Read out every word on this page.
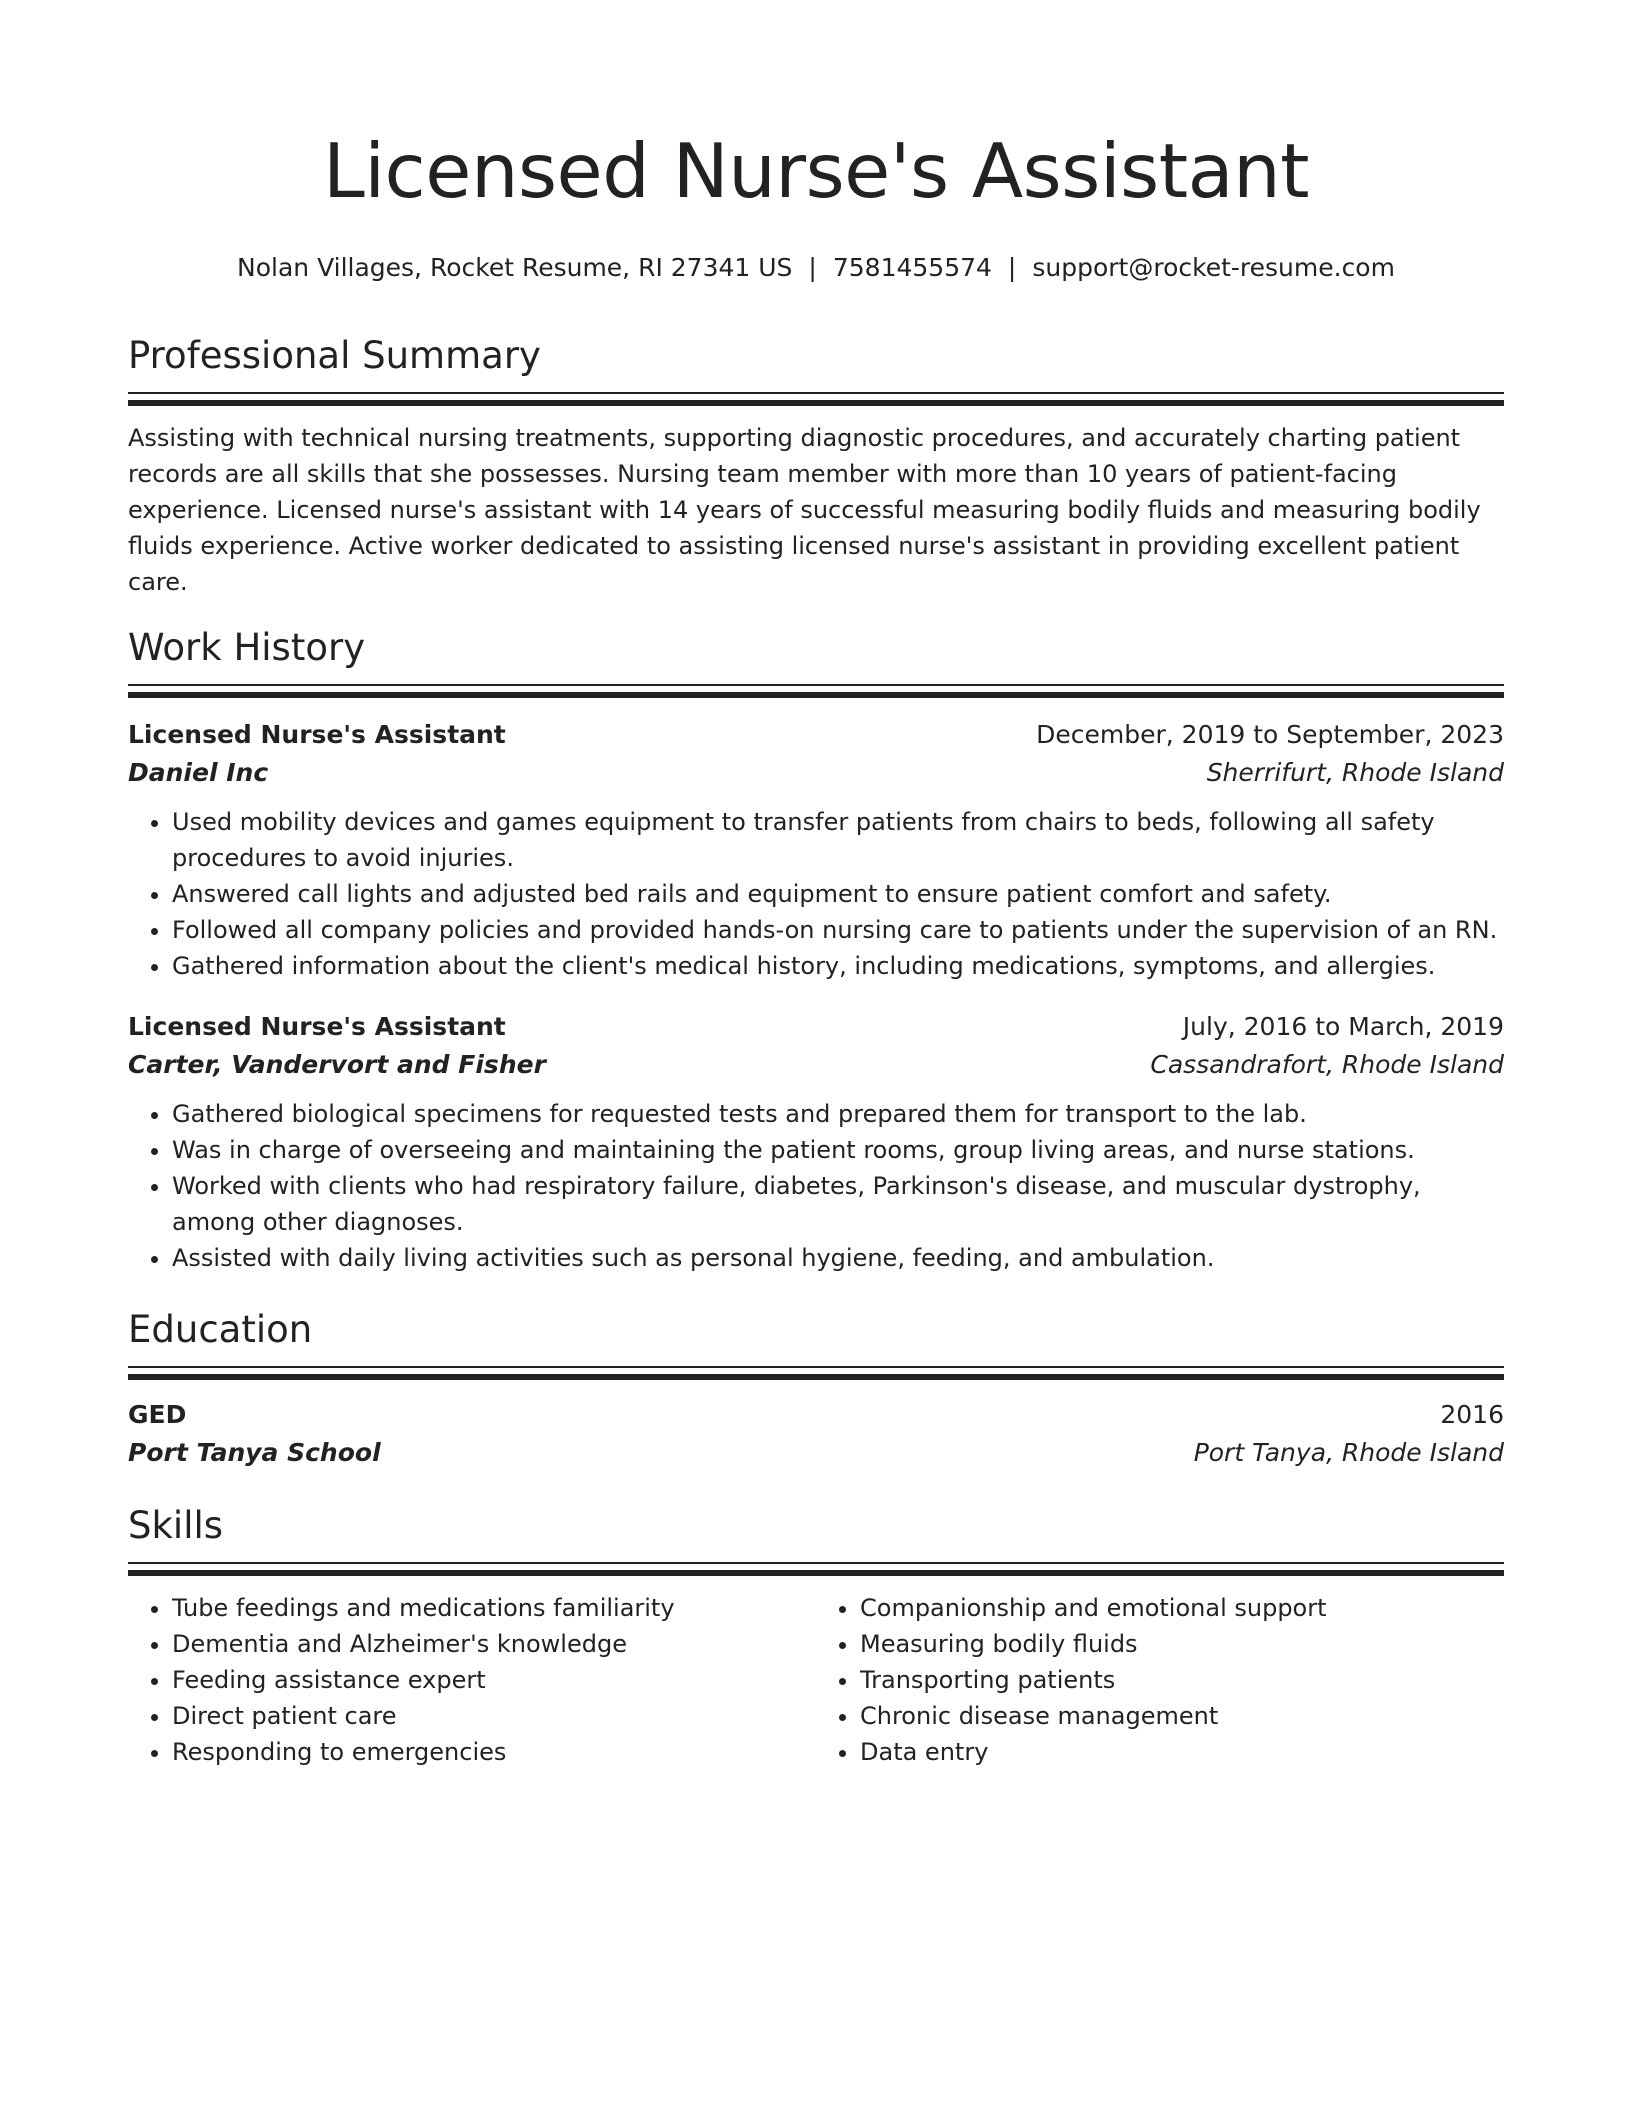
Licensed Nurse's Assistant
Nolan Villages, Rocket Resume, RI 27341 US | 7581455574 | support@rocket-resume.com
Professional Summary

Assisting with technical nursing treatments, supporting diagnostic procedures, and accurately charting patient records are all skills that she possesses. Nursing team member with more than 10 years of patient-facing experience. Licensed nurse's assistant with 14 years of successful measuring bodily fluids and measuring bodily fluids experience. Active worker dedicated to assisting licensed nurse's assistant in providing excellent patient care.

Work History
Licensed Nurse's Assistant	December, 2019 to September, 2023
Daniel Inc	Sherrifurt, Rhode Island
• Used mobility devices and games equipment to transfer patients from chairs to beds, following all safety procedures to avoid injuries.
• Answered call lights and adjusted bed rails and equipment to ensure patient comfort and safety.
• Followed all company policies and provided hands-on nursing care to patients under the supervision of an RN.
• Gathered information about the client's medical history, including medications, symptoms, and allergies.
Licensed Nurse's Assistant	July, 2016 to March, 2019
Carter, Vandervort and Fisher	Cassandrafort, Rhode Island
• Gathered biological specimens for requested tests and prepared them for transport to the lab.
• Was in charge of overseeing and maintaining the patient rooms, group living areas, and nurse stations.
• Worked with clients who had respiratory failure, diabetes, Parkinson's disease, and muscular dystrophy, among other diagnoses.
• Assisted with daily living activities such as personal hygiene, feeding, and ambulation.
Education
GED	2016
Port Tanya School	Port Tanya, Rhode Island
Skills
• Tube feedings and medications familiarity
• Dementia and Alzheimer's knowledge
• Feeding assistance expert
• Direct patient care
• Responding to emergencies
• Companionship and emotional support
• Measuring bodily fluids
• Transporting patients
• Chronic disease management
• Data entry
